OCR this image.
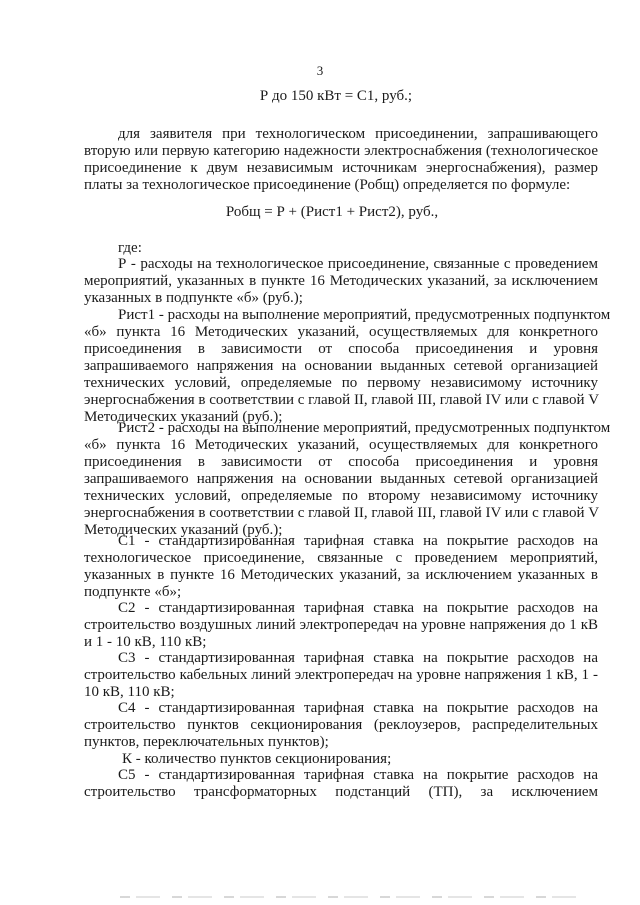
3
Р до 150 кВт = С1, руб.;
для заявителя при технологическом присоединении, запрашивающего
вторую или первую категорию надежности электроснабжения (технологическое
присоединение к двум независимым источникам энергоснабжения), размер
платы за технологическое присоединение (Робщ) определяется по формуле:
Робщ = Р + (Рист1 + Рист2), руб.,
где:
Р - расходы на технологическое присоединение, связанные с проведением
мероприятий, указанных в пункте 16 Методических указаний, за исключением
указанных в подпункте «б» (руб.);
Рист1 - расходы на выполнение мероприятий, предусмотренных подпунктом
«б» пункта 16 Методических указаний, осуществляемых для конкретного
присоединения в зависимости от способа присоединения и уровня
запрашиваемого напряжения на основании выданных сетевой организацией
технических условий, определяемые по первому независимому источнику
энергоснабжения в соответствии с главой II, главой III, главой IV или с главой V
Методических указаний (руб.);
Рист2 - расходы на выполнение мероприятий, предусмотренных подпунктом
«б» пункта 16 Методических указаний, осуществляемых для конкретного
присоединения в зависимости от способа присоединения и уровня
запрашиваемого напряжения на основании выданных сетевой организацией
технических условий, определяемые по второму независимому источнику
энергоснабжения в соответствии с главой II, главой III, главой IV или с главой V
Методических указаний (руб.);
С1 - стандартизированная тарифная ставка на покрытие расходов на
технологическое присоединение, связанные с проведением мероприятий,
указанных в пункте 16 Методических указаний, за исключением указанных в
подпункте «б»;
С2 - стандартизированная тарифная ставка на покрытие расходов на
строительство воздушных линий электропередач на уровне напряжения до 1 кВ
и 1 - 10 кВ, 110 кВ;
С3 - стандартизированная тарифная ставка на покрытие расходов на
строительство кабельных линий электропередач на уровне напряжения 1 кВ, 1 -
10 кВ, 110 кВ;
С4 - стандартизированная тарифная ставка на покрытие расходов на
строительство пунктов секционирования (реклоузеров, распределительных
пунктов, переключательных пунктов);
К - количество пунктов секционирования;
С5 - стандартизированная тарифная ставка на покрытие расходов на
строительство трансформаторных подстанций (ТП), за исключением
